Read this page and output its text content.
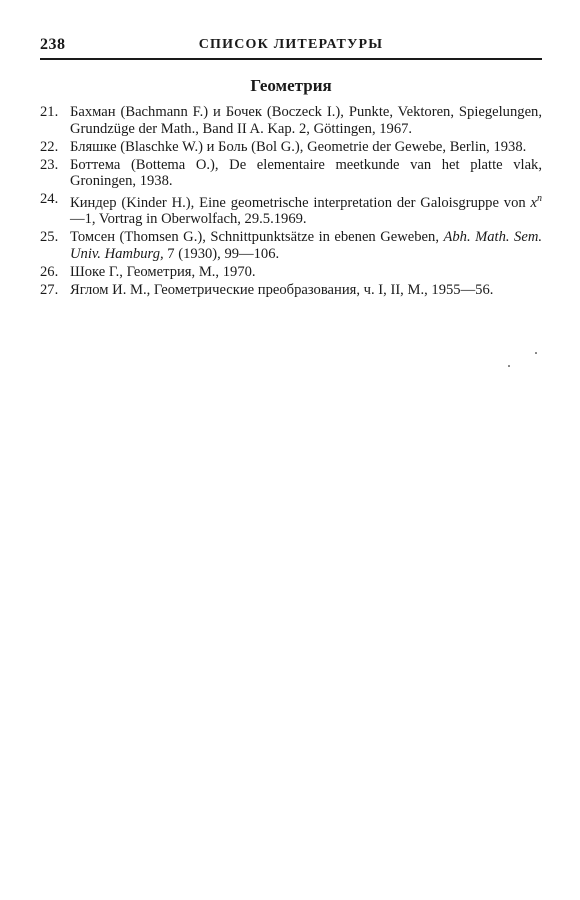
238	СПИСОК ЛИТЕРАТУРЫ
Геометрия
21. Бахман (Bachmann F.) и Бочек (Boczeck I.), Punkte, Vektoren, Spiegelungen, Grundzüge der Math., Band II A. Kap. 2, Göttingen, 1967.
22. Бляшке (Blaschke W.) и Боль (Bol G.), Geometrie der Gewebe, Berlin, 1938.
23. Боттема (Bottema O.), De elementaire meetkunde van het platte vlak, Groningen, 1938.
24. Киндер (Kinder H.), Eine geometrische interpretation der Galoisgruppe von $x^n—1$, Vortrag in Oberwolfach, 29.5.1969.
25. Томсен (Thomsen G.), Schnittpunktsätze in ebenen Geweben, Abh. Math. Sem. Univ. Hamburg, 7 (1930), 99—106.
26. Шоке Г., Геометрия, М., 1970.
27. Яглом И. М., Геометрические преобразования, ч. I, II, М., 1955—56.
